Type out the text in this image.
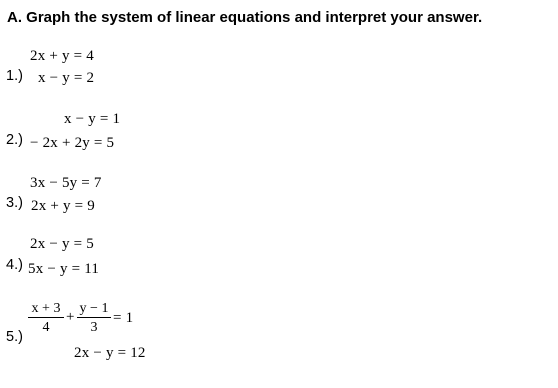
A. Graph the system of linear equations and interpret your answer.
2x + y = 4
1.) x − y = 2
x − y = 1
2.) − 2x + 2y = 5
3x − 5y = 7
3.) 2x + y = 9
2x − y = 5
4.) 5x − y = 11
x + 3
4
+
y − 1
3
= 1
5.)
2x − y = 12
